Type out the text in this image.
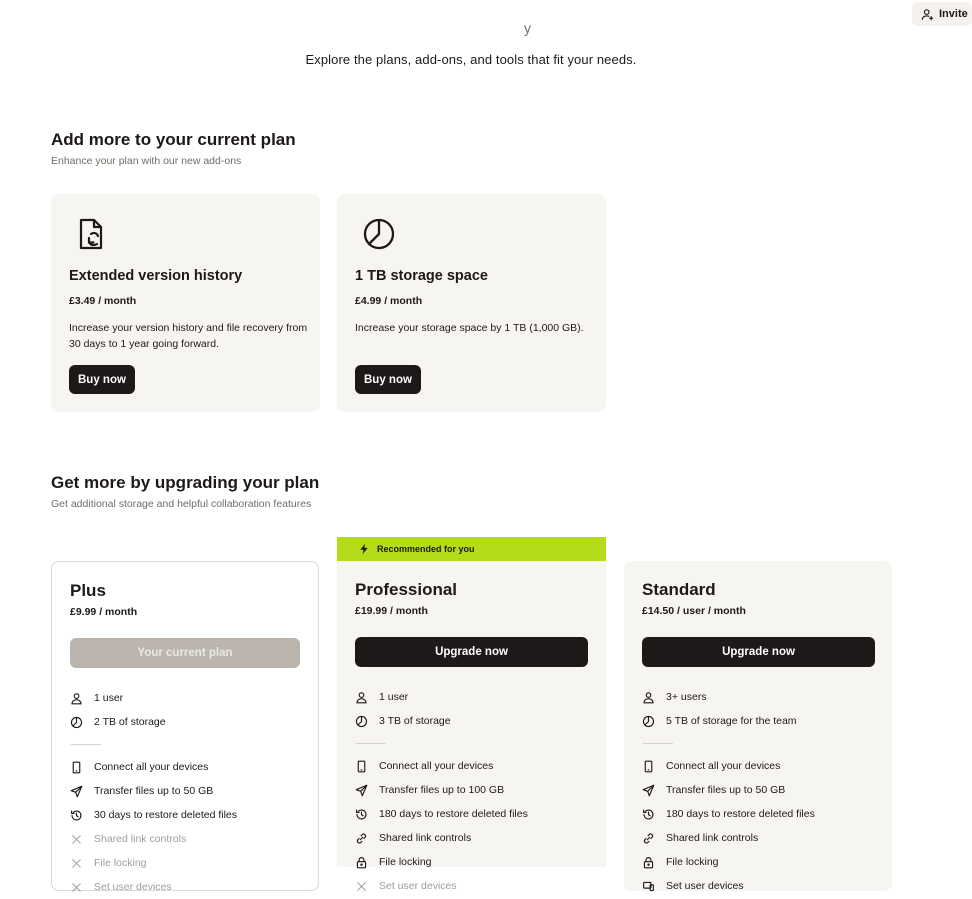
Invite
y
Explore the plans, add-ons, and tools that fit your needs.
Add more to your current plan
Enhance your plan with our new add-ons
Extended version history
£3.49 / month
Increase your version history and file recovery from 30 days to 1 year going forward.
Buy now
1 TB storage space
£4.99 / month
Increase your storage space by 1 TB (1,000 GB).
Buy now
Get more by upgrading your plan
Get additional storage and helpful collaboration features
Plus
£9.99 / month
Your current plan
1 user
2 TB of storage
Connect all your devices
Transfer files up to 50 GB
30 days to restore deleted files
Shared link controls
File locking
Set user devices
Recommended for you
Professional
£19.99 / month
Upgrade now
1 user
3 TB of storage
Connect all your devices
Transfer files up to 100 GB
180 days to restore deleted files
Shared link controls
File locking
Set user devices
Standard
£14.50 / user / month
Upgrade now
3+ users
5 TB of storage for the team
Connect all your devices
Transfer files up to 50 GB
180 days to restore deleted files
Shared link controls
File locking
Set user devices
